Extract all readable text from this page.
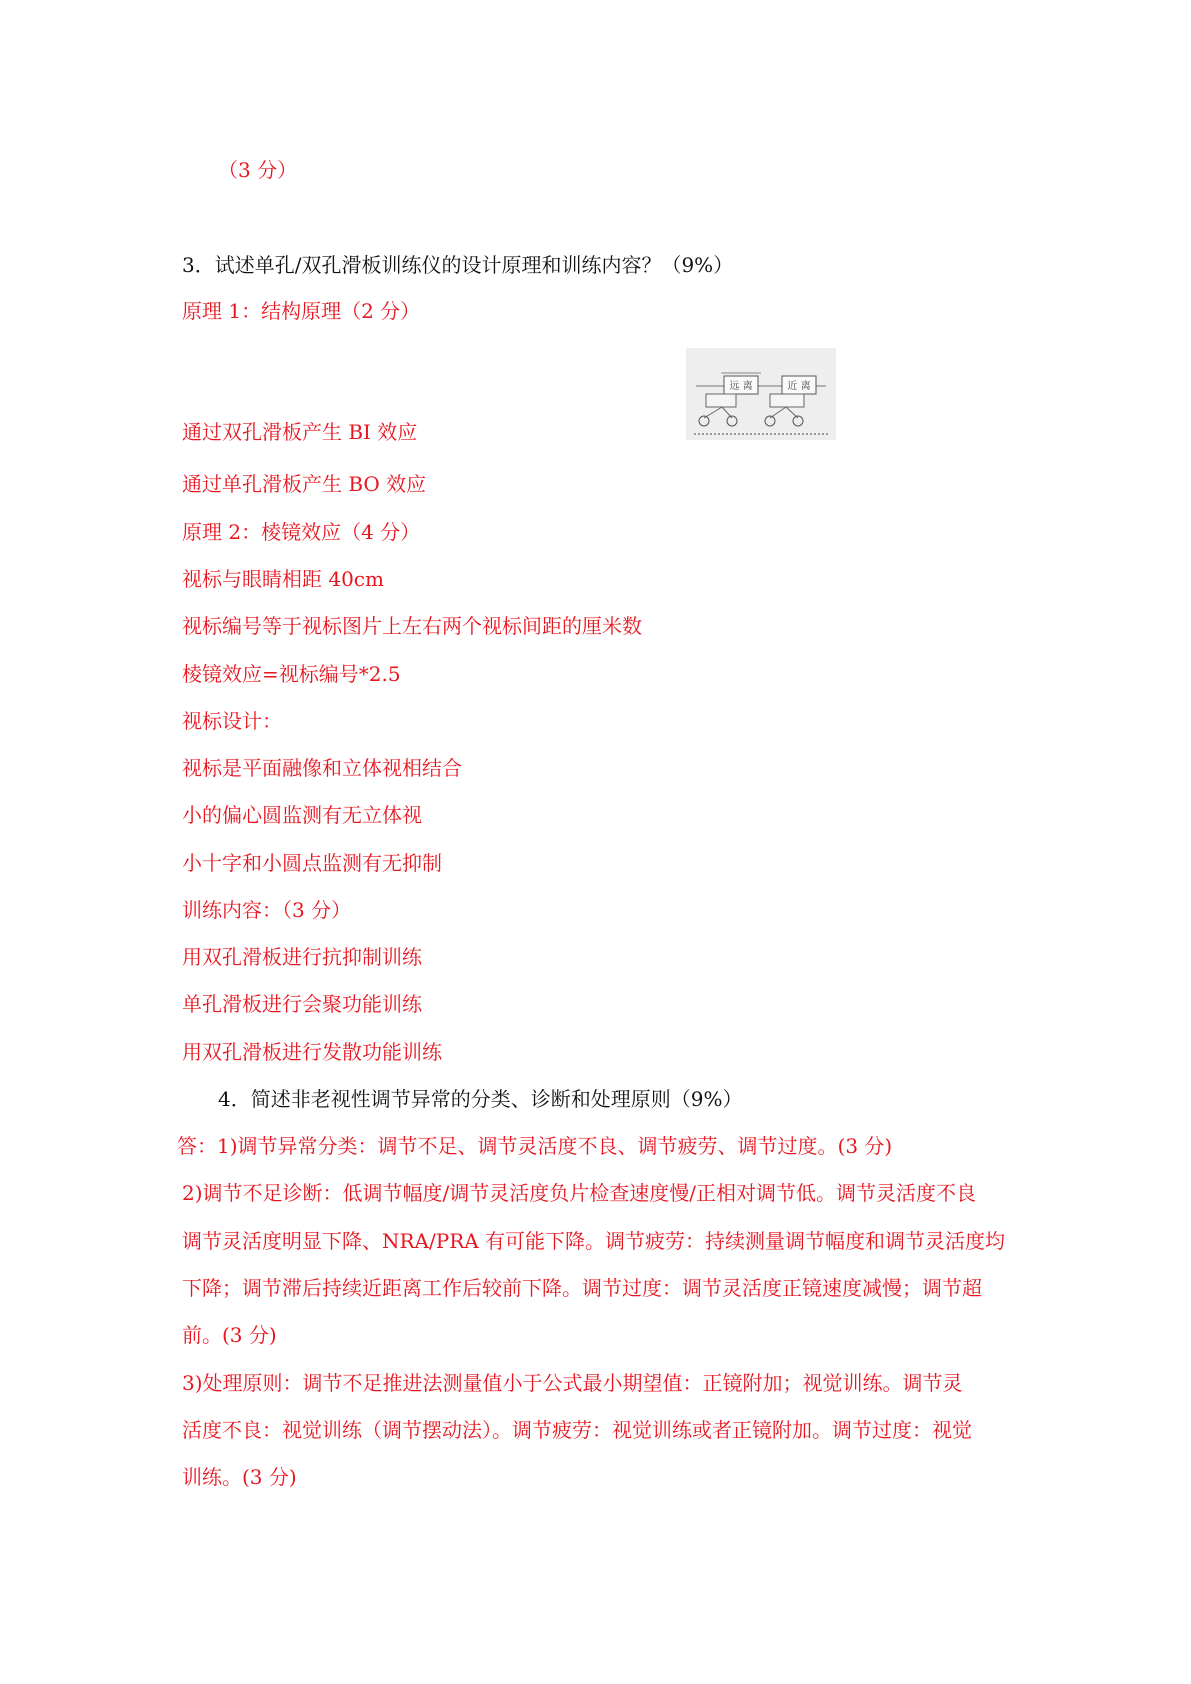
（3 分）
3．试述单孔/双孔滑板训练仪的设计原理和训练内容？（9%）
原理 1：结构原理（2 分）
远 离	近 离
通过双孔滑板产生 BI 效应
通过单孔滑板产生 BO 效应
原理 2：棱镜效应（4 分）
视标与眼睛相距 40cm
视标编号等于视标图片上左右两个视标间距的厘米数
棱镜效应=视标编号*2.5
视标设计：
视标是平面融像和立体视相结合
小的偏心圆监测有无立体视
小十字和小圆点监测有无抑制
训练内容：（3 分）
用双孔滑板进行抗抑制训练
单孔滑板进行会聚功能训练
用双孔滑板进行发散功能训练
4．简述非老视性调节异常的分类、诊断和处理原则（9%）
答：1)调节异常分类：调节不足、调节灵活度不良、调节疲劳、调节过度。(3 分)
2)调节不足诊断：低调节幅度/调节灵活度负片检查速度慢/正相对调节低。调节灵活度不良
调节灵活度明显下降、NRA/PRA 有可能下降。调节疲劳：持续测量调节幅度和调节灵活度均
下降；调节滞后持续近距离工作后较前下降。调节过度：调节灵活度正镜速度减慢；调节超
前。(3 分)
3)处理原则：调节不足推进法测量值小于公式最小期望值：正镜附加；视觉训练。调节灵
活度不良：视觉训练（调节摆动法）。调节疲劳：视觉训练或者正镜附加。调节过度：视觉
训练。(3 分)
